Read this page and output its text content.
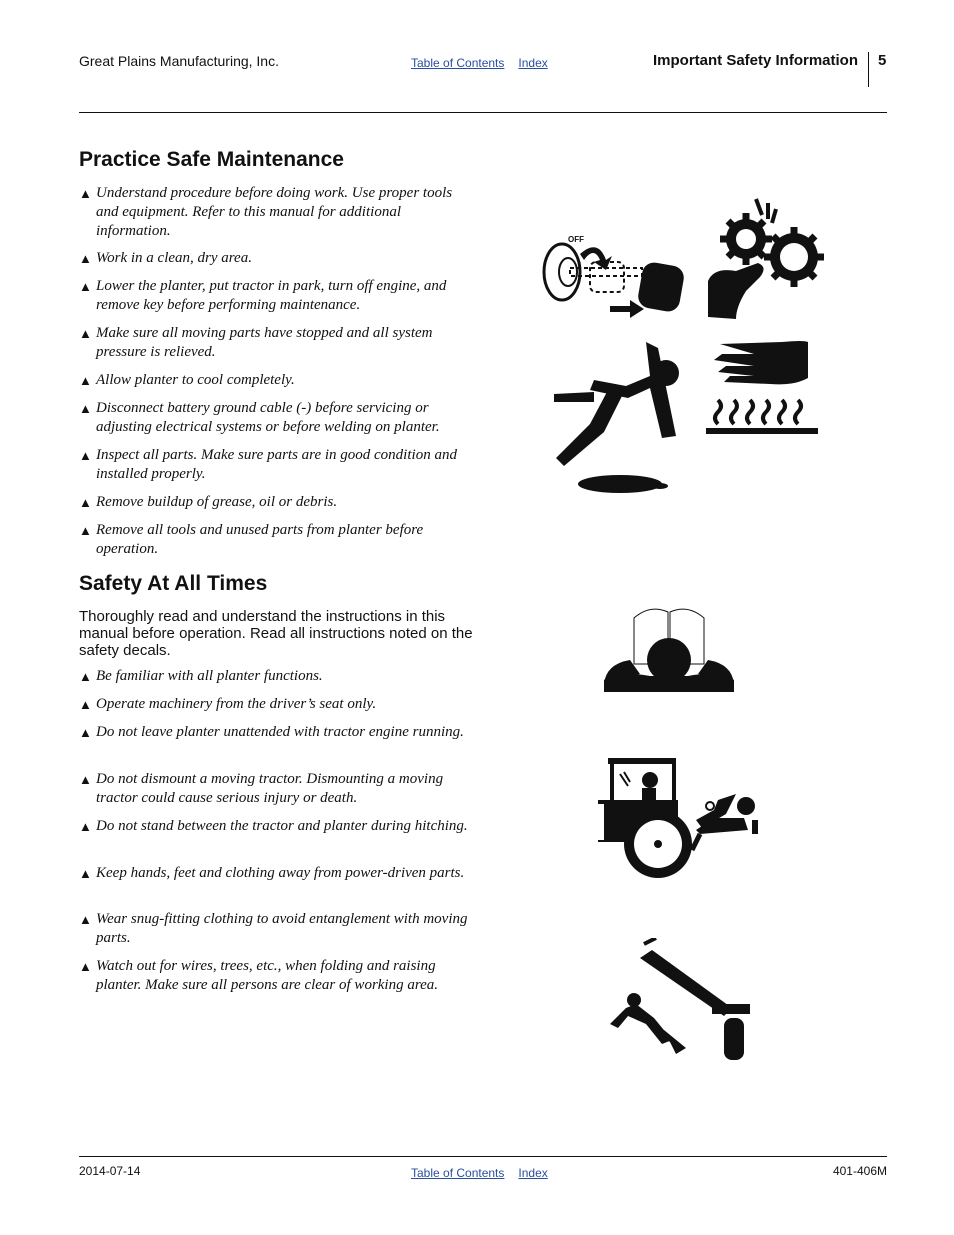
Great Plains Manufacturing, Inc.	Table of Contents Index	Important Safety Information 5
Practice Safe Maintenance
▲ Understand procedure before doing work. Use proper tools and equipment. Refer to this manual for additional information.
▲ Work in a clean, dry area.
▲ Lower the planter, put tractor in park, turn off engine, and remove key before performing maintenance.
▲ Make sure all moving parts have stopped and all system pressure is relieved.
▲ Allow planter to cool completely.
▲ Disconnect battery ground cable (-) before servicing or adjusting electrical systems or before welding on planter.
▲ Inspect all parts. Make sure parts are in good condition and installed properly.
▲ Remove buildup of grease, oil or debris.
▲ Remove all tools and unused parts from planter before operation.
Safety At All Times
Thoroughly read and understand the instructions in this manual before operation. Read all instructions noted on the safety decals.
▲ Be familiar with all planter functions.
▲ Operate machinery from the driver’s seat only.
▲ Do not leave planter unattended with tractor engine running.
▲ Do not dismount a moving tractor. Dismounting a moving tractor could cause serious injury or death.
▲ Do not stand between the tractor and planter during hitching.
▲ Keep hands, feet and clothing away from power-driven parts.
▲ Wear snug-fitting clothing to avoid entanglement with moving parts.
▲ Watch out for wires, trees, etc., when folding and raising planter. Make sure all persons are clear of working area.
OFF
2014-07-14	Table of Contents Index	401-406M
